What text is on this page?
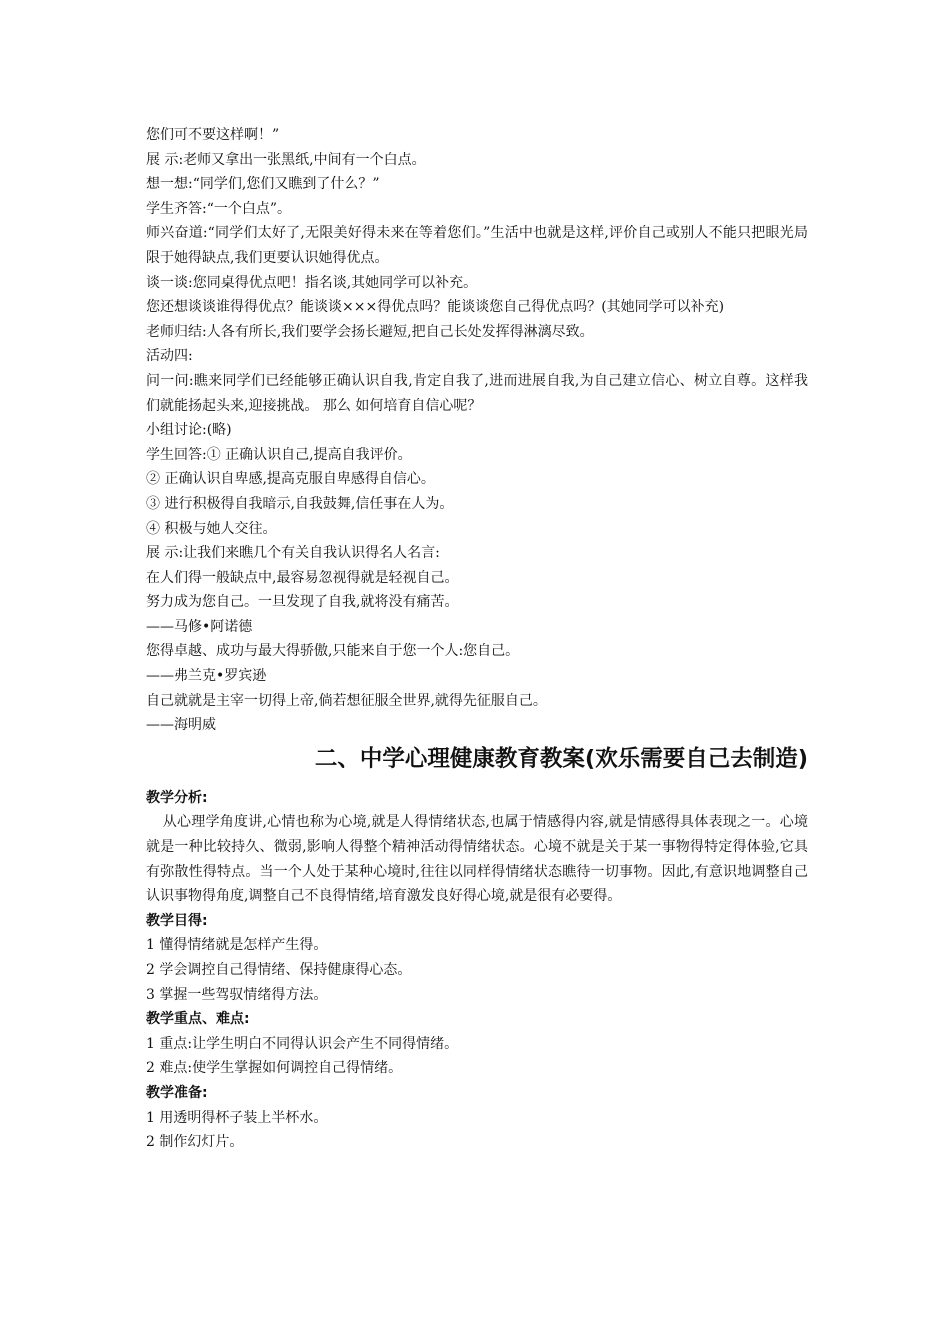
您们可不要这样啊！”
展 示:老师又拿出一张黑纸,中间有一个白点。
想一想:“同学们,您们又瞧到了什么？”
学生齐答:“一个白点”。
师兴奋道:“同学们太好了,无限美好得未来在等着您们。”生活中也就是这样,评价自己或别人不能只把眼光局限于她得缺点,我们更要认识她得优点。
谈一谈:您同桌得优点吧！指名谈,其她同学可以补充。
您还想谈谈谁得得优点？能谈谈×××得优点吗？能谈谈您自己得优点吗？(其她同学可以补充)
老师归结:人各有所长,我们要学会扬长避短,把自己长处发挥得淋漓尽致。
活动四:
问一问:瞧来同学们已经能够正确认识自我,肯定自我了,进而进展自我,为自己建立信心、树立自尊。这样我们就能扬起头来,迎接挑战。 那么 如何培育自信心呢？
小组讨论:(略)
学生回答:① 正确认识自己,提高自我评价。
② 正确认识自卑感,提高克服自卑感得自信心。
③ 进行积极得自我暗示,自我鼓舞,信任事在人为。
④ 积极与她人交往。
展 示:让我们来瞧几个有关自我认识得名人名言:
在人们得一般缺点中,最容易忽视得就是轻视自己。
努力成为您自己。一旦发现了自我,就将没有痛苦。
——马修•阿诺德
您得卓越、成功与最大得骄傲,只能来自于您一个人:您自己。
——弗兰克•罗宾逊
自己就就是主宰一切得上帝,倘若想征服全世界,就得先征服自己。
——海明威
二、中学心理健康教育教案(欢乐需要自己去制造)
教学分析:
从心理学角度讲,心情也称为心境,就是人得情绪状态,也属于情感得内容,就是情感得具体表现之一。心境就是一种比较持久、微弱,影响人得整个精神活动得情绪状态。心境不就是关于某一事物得特定得体验,它具有弥散性得特点。当一个人处于某种心境时,往往以同样得情绪状态瞧待一切事物。因此,有意识地调整自己认识事物得角度,调整自己不良得情绪,培育激发良好得心境,就是很有必要得。
教学目得:
1 懂得情绪就是怎样产生得。
2 学会调控自己得情绪、保持健康得心态。
3 掌握一些驾驭情绪得方法。
教学重点、难点:
1 重点:让学生明白不同得认识会产生不同得情绪。
2 难点:使学生掌握如何调控自己得情绪。
教学准备:
1 用透明得杯子装上半杯水。
2 制作幻灯片。
